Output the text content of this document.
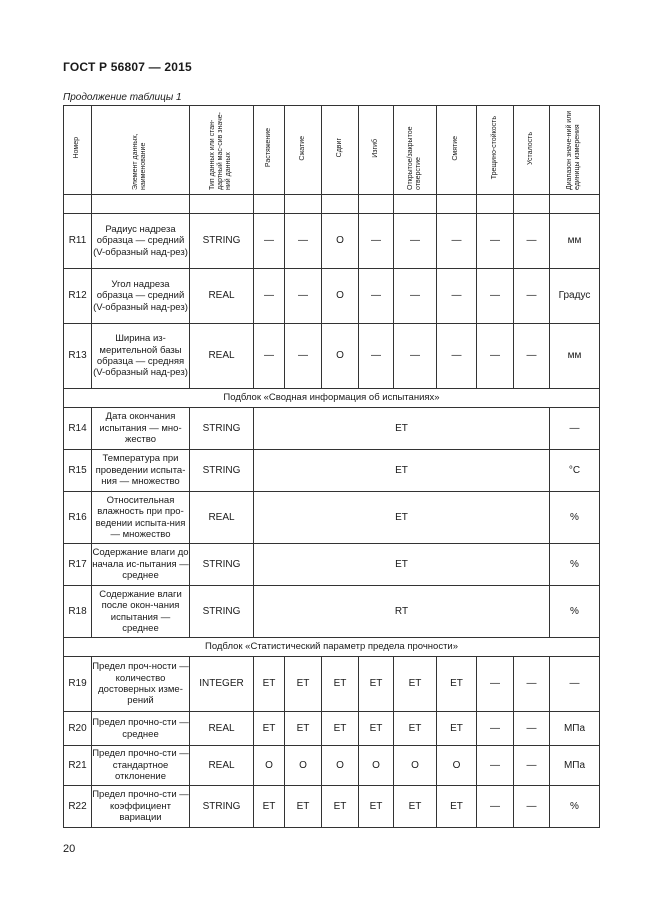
ГОСТ Р 56807 — 2015
Продолжение таблицы 1
Номер	Элемент данных, наименование	Тип данных или стан-дартный мас-сив значе-ний данных	Растяжение	Сжатие	Сдвиг	Изгиб	Открытое/закрытое отверстие	Смятие	Трещино-стойкость	Усталость	Диапазон значе-ний или единицы измерения

R11	Радиус надреза образца — средний (V-образный над-рез)	STRING	—	—	О	—	—	—	—	—	мм
R12	Угол надреза образца — средний (V-образный над-рез)	REAL	—	—	О	—	—	—	—	—	Градус
R13	Ширина из-мерительной базы образца — средняя (V-образный над-рез)	REAL	—	—	О	—	—	—	—	—	мм
Подблок «Сводная информация об испытаниях»											
R14	Дата окончания испытания — мно-жество	STRING	ЕТ								—
R15	Температура при проведении испыта-ния — множество	STRING	ЕТ								°С
R16	Относительная влажность при про-ведении испыта-ния — множество	REAL	ЕТ								%
R17	Содержание влаги до начала ис-пытания — среднее	STRING	ЕТ								%
R18	Содержание влаги после окон-чания испытания — среднее	STRING	RT								%
Подблок «Статистический параметр предела прочности»											
R19	Предел проч-ности — количество достоверных изме-рений	INTEGER	ЕТ	ЕТ	ЕТ	ЕТ	ЕТ	ЕТ	—	—	—
R20	Предел прочно-сти — среднее	REAL	ЕТ	ЕТ	ЕТ	ЕТ	ЕТ	ЕТ	—	—	МПа
R21	Предел прочно-сти — стандартное отклонение	REAL	О	О	О	О	О	О	—	—	МПа
R22	Предел прочно-сти — коэффициент вариации	STRING	ЕТ	ЕТ	ЕТ	ЕТ	ЕТ	ЕТ	—	—	%
20
